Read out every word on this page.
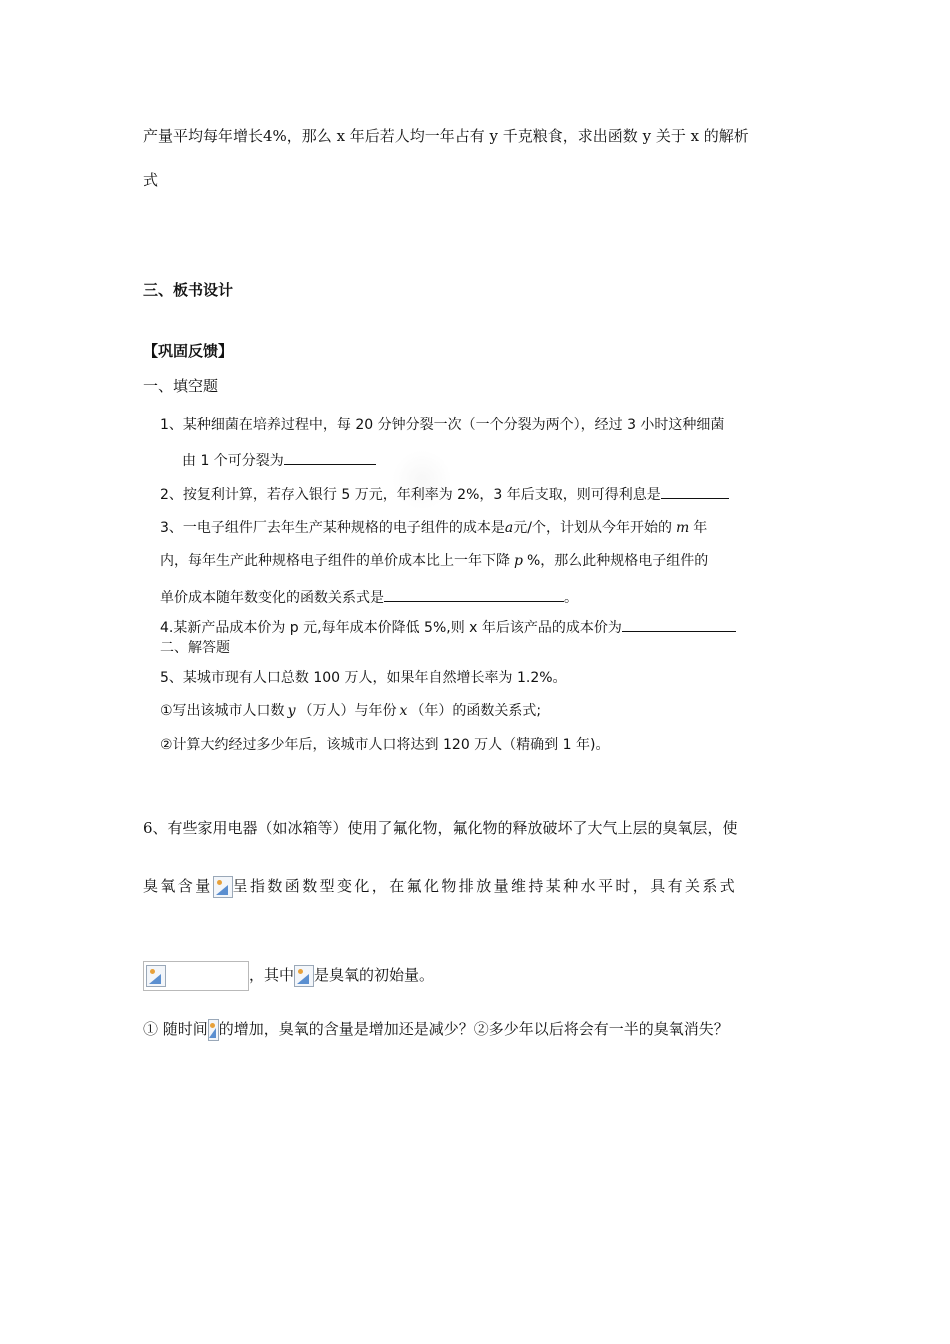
产量平均每年增长4%，那么 x 年后若人均一年占有 y 千克粮食，求出函数 y 关于 x 的解析
式
三、板书设计
【巩固反馈】
一、填空题
1、某种细菌在培养过程中，每 20 分钟分裂一次（一个分裂为两个），经过 3 小时这种细菌
由 1 个可分裂为
2、按复利计算，若存入银行 5 万元，年利率为 2%，3 年后支取，则可得利息是
3、一电子组件厂去年生产某种规格的电子组件的成本是a元/个，计划从今年开始的 m 年
内，每年生产此种规格电子组件的单价成本比上一年下降 p %，那么此种规格电子组件的
单价成本随年数变化的函数关系式是	。
4.某新产品成本价为 p 元,每年成本价降低 5%,则 x 年后该产品的成本价为
二、解答题
5、某城市现有人口总数 100 万人，如果年自然增长率为 1.2%。
①写出该城市人口数 y （万人）与年份 x （年）的函数关系式;
②计算大约经过多少年后，该城市人口将达到 120 万人（精确到 1 年)。
6、有些家用电器（如冰箱等）使用了氟化物，氟化物的释放破坏了大气上层的臭氧层，使
臭氧含量 呈指数函数型变化，在氟化物排放量维持某种水平时，具有关系式
，其中 是臭氧的初始量。
① 随时间 的增加，臭氧的含量是增加还是减少？②多少年以后将会有一半的臭氧消失？
